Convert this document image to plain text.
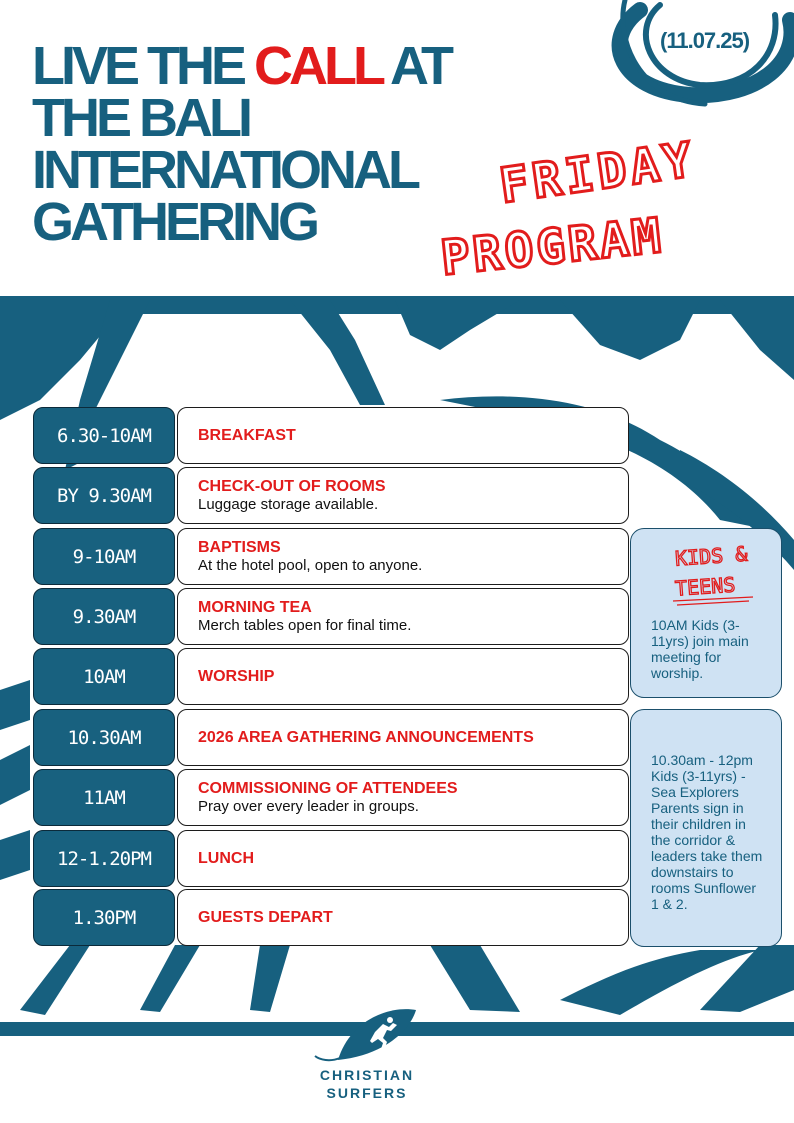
LIVE THE CALL AT THE BALI INTERNATIONAL GATHERING
(11.07.25)
FRIDAY
PROGRAM
6.30-10AM	BREAKFAST
BY 9.30AM	CHECK-OUT OF ROOMS
Luggage storage available.
9-10AM	BAPTISMS
At the hotel pool, open to anyone.
9.30AM	MORNING TEA
Merch tables open for final time.
10AM	WORSHIP
10.30AM	2026 AREA GATHERING ANNOUNCEMENTS
11AM	COMMISSIONING OF ATTENDEES
Pray over every leader in groups.
12-1.20PM	LUNCH
1.30PM	GUESTS DEPART
KIDS &
TEENS
10AM Kids (3-11yrs) join main meeting for worship.
10.30am - 12pm Kids (3-11yrs) - Sea Explorers Parents sign in their children in the corridor & leaders take them downstairs to rooms Sunflower 1 & 2.
CHRISTIAN
SURFERS
